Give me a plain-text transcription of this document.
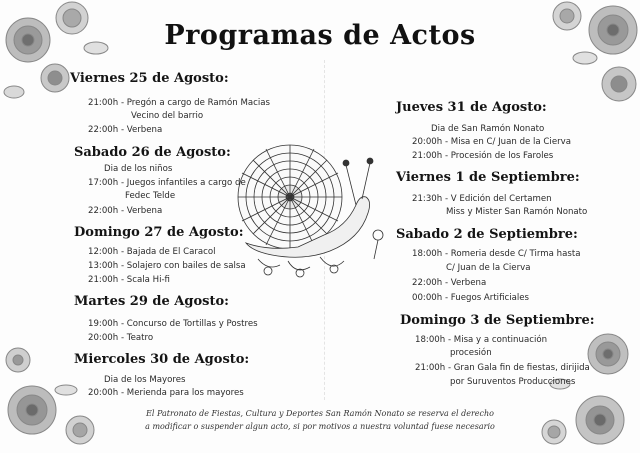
Programas de Actos
Viernes 25 de Agosto:
21:00h - Pregón a cargo de Ramón Macias
Vecino del barrio
22:00h - Verbena
Sabado 26 de Agosto:
Dia de los niños
17:00h - Juegos infantiles a cargo de
Fedec Telde
22:00h - Verbena
Domingo 27 de Agosto:
12:00h - Bajada de El Caracol
13:00h - Solajero con bailes de salsa
21:00h - Scala Hi-fi
Martes 29 de Agosto:
19:00h - Concurso de Tortillas y Postres
20:00h - Teatro
Miercoles 30 de Agosto:
Dia de los Mayores
20:00h - Merienda para los mayores
Jueves 31 de Agosto:
Dia de San Ramón Nonato
20:00h - Misa en C/ Juan de la Cierva
21:00h - Procesión de los Faroles
Viernes 1 de Septiembre:
21:30h - V Edición del Certamen
Miss y Mister San Ramón Nonato
Sabado 2 de Septiembre:
18:00h - Romeria desde C/ Tirma hasta
C/ Juan de la Cierva
22:00h - Verbena
00:00h - Fuegos Artificiales
Domingo 3 de Septiembre:
18:00h - Misa y a continuación
procesión
21:00h - Gran Gala fin de fiestas, dirijida
por Suruventos Producciones
El Patronato de Fiestas, Cultura y Deportes San Ramón Nonato se reserva el derecho
a modificar o suspender algun acto, si por motivos a nuestra voluntad fuese necesario
